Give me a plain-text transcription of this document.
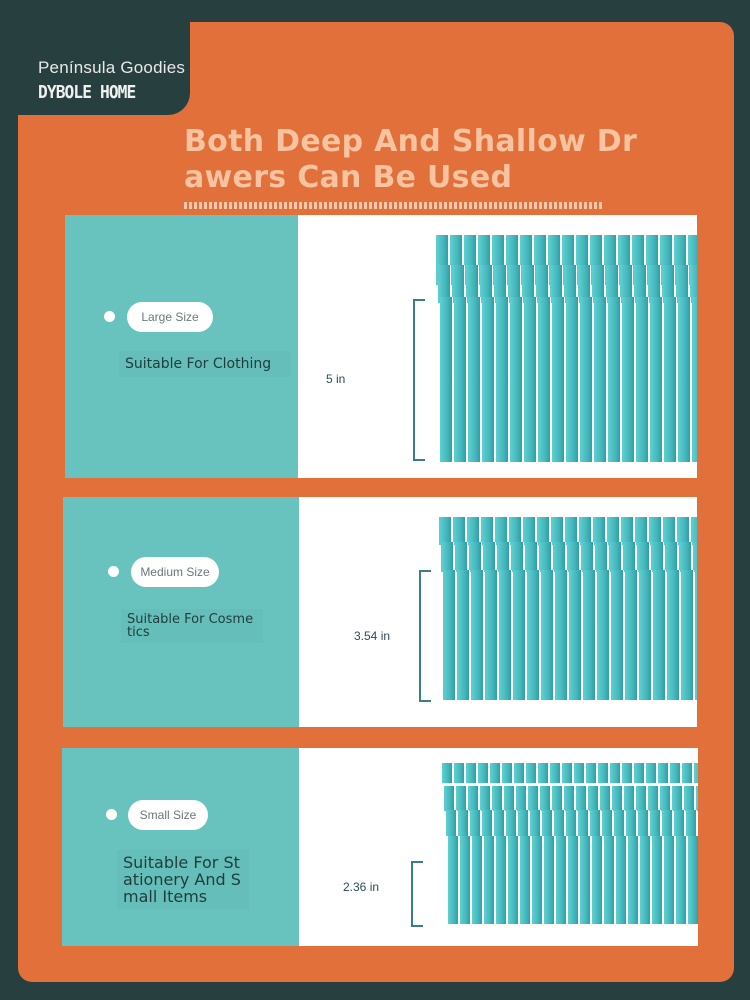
Península Goodies
DYBOLE HOME
Both Deep And Shallow Drawers Can Be Used
Large Size
Suitable For Clothing
5 in
Medium Size
Suitable For Cosmetics	3.54 in
Small Size
Suitable For Stationery And Small Items	2.36 in
